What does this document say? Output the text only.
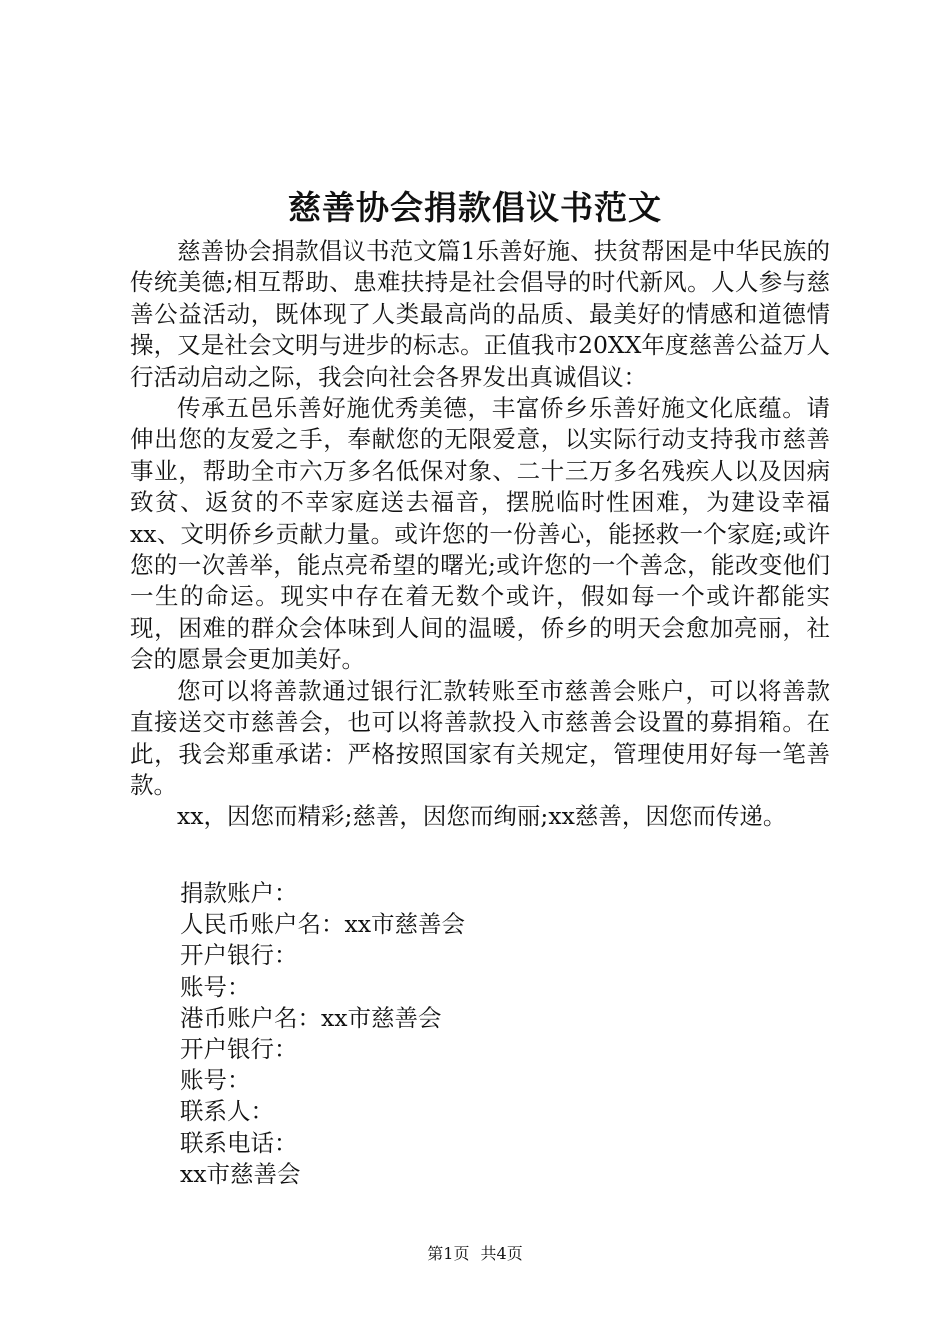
慈善协会捐款倡议书范文

慈善协会捐款倡议书范文篇1乐善好施、扶贫帮困是中华民族的传统美德;相互帮助、患难扶持是社会倡导的时代新风。人人参与慈善公益活动，既体现了人类最高尚的品质、最美好的情感和道德情操，又是社会文明与进步的标志。正值我市20XX年度慈善公益万人行活动启动之际，我会向社会各界发出真诚倡议：

传承五邑乐善好施优秀美德，丰富侨乡乐善好施文化底蕴。请伸出您的友爱之手，奉献您的无限爱意，以实际行动支持我市慈善事业，帮助全市六万多名低保对象、二十三万多名残疾人以及因病致贫、返贫的不幸家庭送去福音，摆脱临时性困难，为建设幸福xx、文明侨乡贡献力量。或许您的一份善心，能拯救一个家庭;或许您的一次善举，能点亮希望的曙光;或许您的一个善念，能改变他们一生的命运。现实中存在着无数个或许，假如每一个或许都能实现，困难的群众会体味到人间的温暖，侨乡的明天会愈加亮丽，社会的愿景会更加美好。

您可以将善款通过银行汇款转账至市慈善会账户，可以将善款直接送交市慈善会，也可以将善款投入市慈善会设置的募捐箱。在此，我会郑重承诺：严格按照国家有关规定，管理使用好每一笔善款。

xx，因您而精彩;慈善，因您而绚丽;xx慈善，因您而传递。

捐款账户：
人民币账户名：xx市慈善会
开户银行：
账号：
港币账户名：xx市慈善会
开户银行：
账号：
联系人：
联系电话：
xx市慈善会
第1页 共4页
